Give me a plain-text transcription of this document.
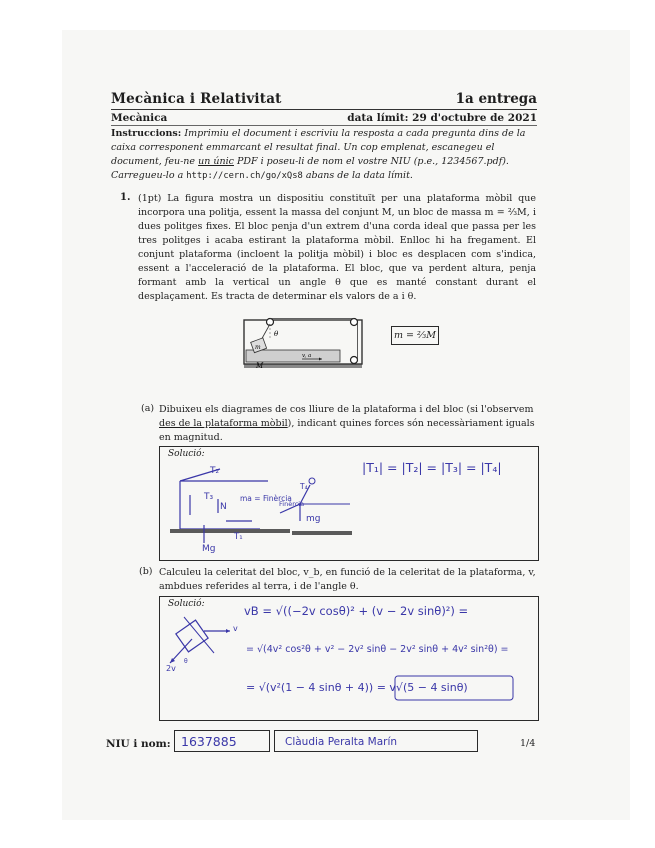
Mecànica i Relativitat	1a entrega
Mecànica	data límit: 29 d'octubre de 2021
Instruccions: Imprimiu el document i escriviu la resposta a cada pregunta dins de la caixa corresponent emmarcant el resultat final. Un cop emplenat, escanegeu el document, feu-ne un únic PDF i poseu-li de nom el vostre NIU (p.e., 1234567.pdf). Carregueu-lo a http://cern.ch/go/xQs8 abans de la data límit.
1. (1pt) La figura mostra un dispositiu constituït per una plataforma mòbil que incorpora una politja, essent la massa del conjunt M, un bloc de massa m = ⅔M, i dues politges fixes. El bloc penja d'un extrem d'una corda ideal que passa per les tres politges i acaba estirant la plataforma mòbil. Enlloc hi ha fregament. El conjunt plataforma (incloent la politja mòbil) i bloc es desplacen com s'indica, essent a l'acceleració de la plataforma. El bloc, que va perdent altura, penja formant amb la vertical un angle θ que es manté constant durant el desplaçament. Es tracta de determinar els valors de a i θ.
m
θ
M
v, a
m = ⅔M
(a) Dibuixeu els diagrames de cos lliure de la plataforma i del bloc (si l'observem des de la plataforma mòbil), indicant quines forces són necessàriament iguals en magnitud.
Solució:
T₂
T₃
N
T₁
Mg
ma = Finèrcia
Finèrcia
T₄
mg
|T₁| = |T₂| = |T₃| = |T₄|
(b) Calculeu la celeritat del bloc, v_b, en funció de la celeritat de la plataforma, v, ambdues referides al terra, i de l'angle θ.
Solució:
v
2v
θ
vB = √((−2v cosθ)² + (v − 2v sinθ)²) =
= √(4v² cos²θ + v² − 2v² sinθ − 2v² sinθ + 4v² sin²θ) =
= √(v²(1 − 4 sinθ + 4)) = v√(5 − 4 sinθ)
NIU i nom: 1637885	Clàudia Peralta Marín	1/4
